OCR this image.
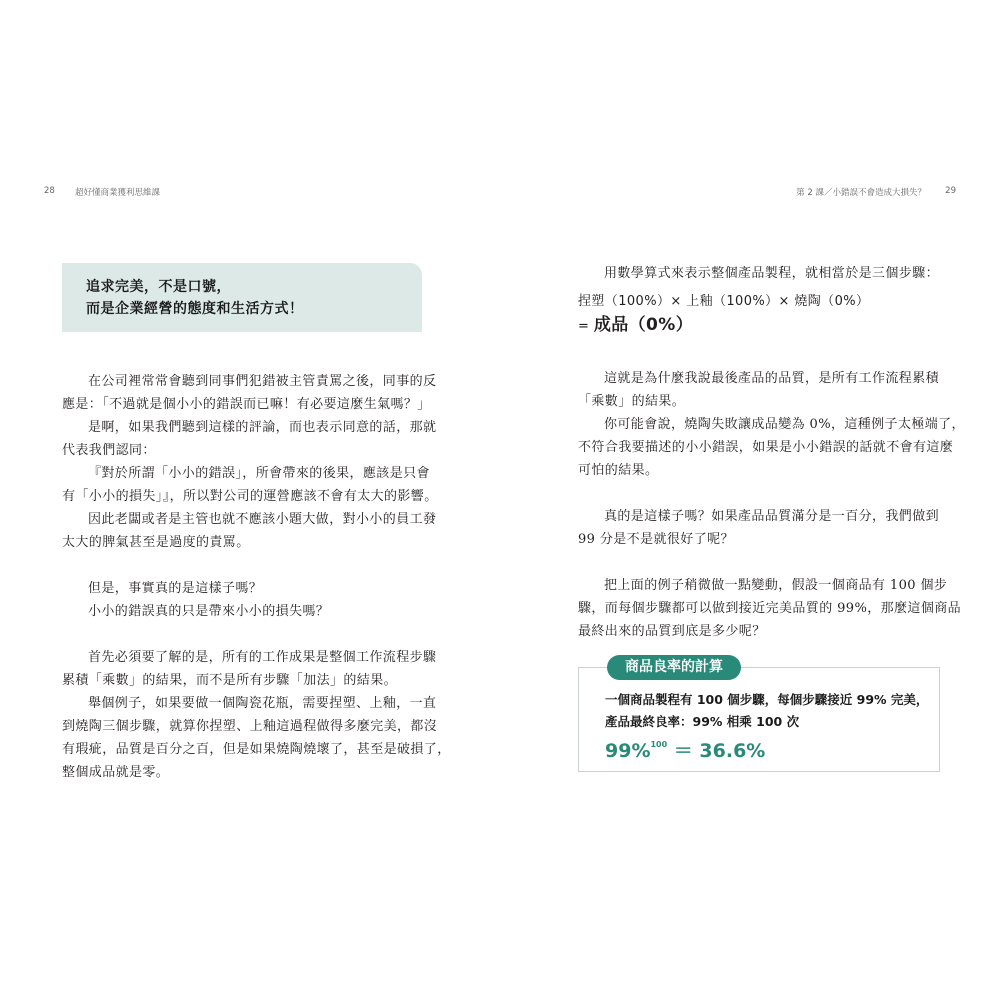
28 超好懂商業獲利思維課	第 2 課／小錯誤不會造成大損失？ 29

追求完美，不是口號，

而是企業經營的態度和生活方式！

在公司裡常常會聽到同事們犯錯被主管責罵之後，同事的反

應是：「不過就是個小小的錯誤而已嘛！有必要這麼生氣嗎？」

是啊，如果我們聽到這樣的評論，而也表示同意的話，那就

代表我們認同：

『對於所謂「小小的錯誤」，所會帶來的後果，應該是只會

有「小小的損失」』，所以對公司的運營應該不會有太大的影響。

因此老闆或者是主管也就不應該小題大做，對小小的員工發

太大的脾氣甚至是過度的責罵。

但是，事實真的是這樣子嗎？

小小的錯誤真的只是帶來小小的損失嗎？

首先必須要了解的是，所有的工作成果是整個工作流程步驟

累積「乘數」的結果，而不是所有步驟「加法」的結果。

舉個例子，如果要做一個陶瓷花瓶，需要捏塑、上釉，一直

到燒陶三個步驟，就算你捏塑、上釉這過程做得多麼完美，都沒

有瑕疵，品質是百分之百，但是如果燒陶燒壞了，甚至是破損了，

整個成品就是零。

用數學算式來表示整個產品製程，就相當於是三個步驟：

捏塑（100%）× 上釉（100%）× 燒陶（0%）

= 成品（0%）

這就是為什麼我說最後產品的品質，是所有工作流程累積

「乘數」的結果。

你可能會說，燒陶失敗讓成品變為 0%，這種例子太極端了，

不符合我要描述的小小錯誤，如果是小小錯誤的話就不會有這麼

可怕的結果。

真的是這樣子嗎？如果產品品質滿分是一百分，我們做到

99 分是不是就很好了呢？

把上面的例子稍微做一點變動，假設一個商品有 100 個步

驟，而每個步驟都可以做到接近完美品質的 99%，那麼這個商品

最終出來的品質到底是多少呢？

商品良率的計算
一個商品製程有 100 個步驟，每個步驟接近 99% 完美，
產品最終良率：99% 相乘 100 次
99%$^{100}$ ＝ 36.6%
